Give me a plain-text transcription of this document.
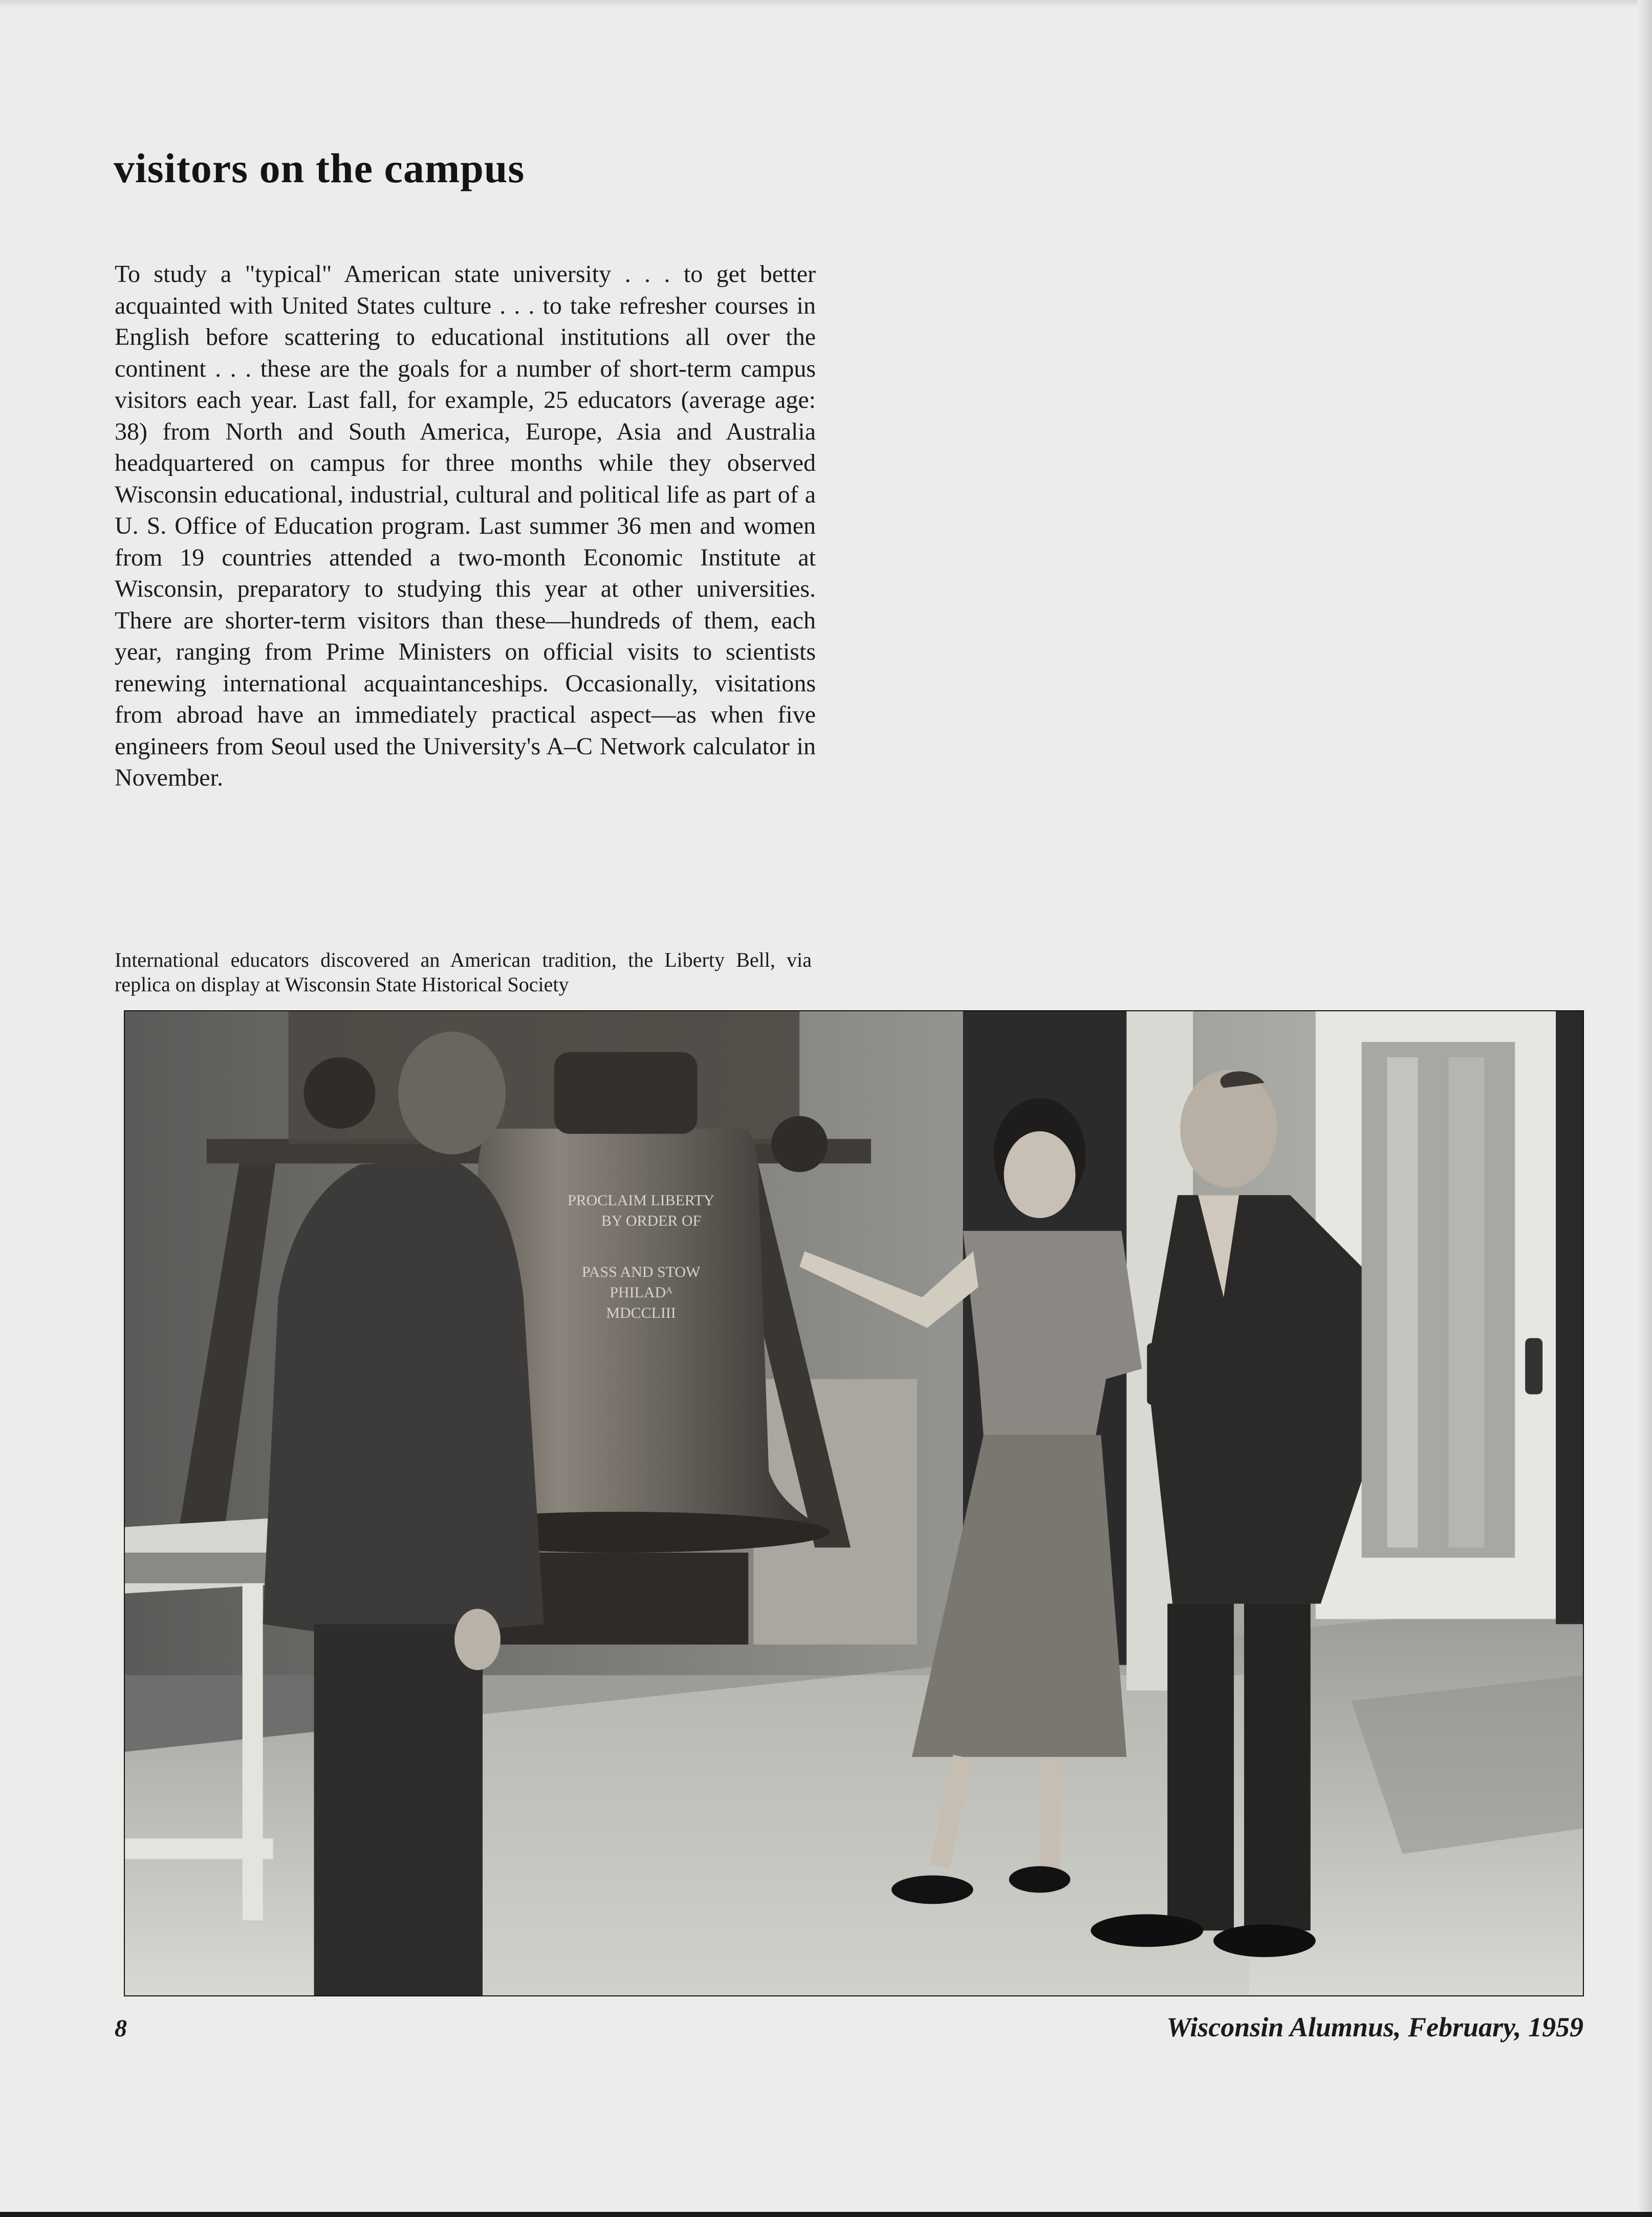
visitors on the campus

To study a "typical" American state university . . . to get better acquainted with United States culture . . . to take refresher courses in English before scattering to educational institutions all over the continent . . . these are the goals for a number of short-term campus visitors each year. Last fall, for example, 25 educators (average age: 38) from North and South America, Europe, Asia and Australia headquartered on campus for three months while they observed Wisconsin educational, industrial, cultural and political life as part of a U. S. Office of Education program. Last summer 36 men and women from 19 countries attended a two-month Economic Institute at Wisconsin, preparatory to studying this year at other universities. There are shorter-term visitors than these—hundreds of them, each year, ranging from Prime Ministers on official visits to scientists renewing international acquaintanceships. Occasionally, visitations from abroad have an immediately practical aspect—as when five engineers from Seoul used the University's A–C Network calculator in November.

International educators discovered an American tradition, the Liberty Bell, via replica on display at Wisconsin State Historical Society

PROCLAIM LIBERTY
BY ORDER OF
PASS AND STOW
PHILADᴬ
MDCCLIII
8	Wisconsin Alumnus, February, 1959
